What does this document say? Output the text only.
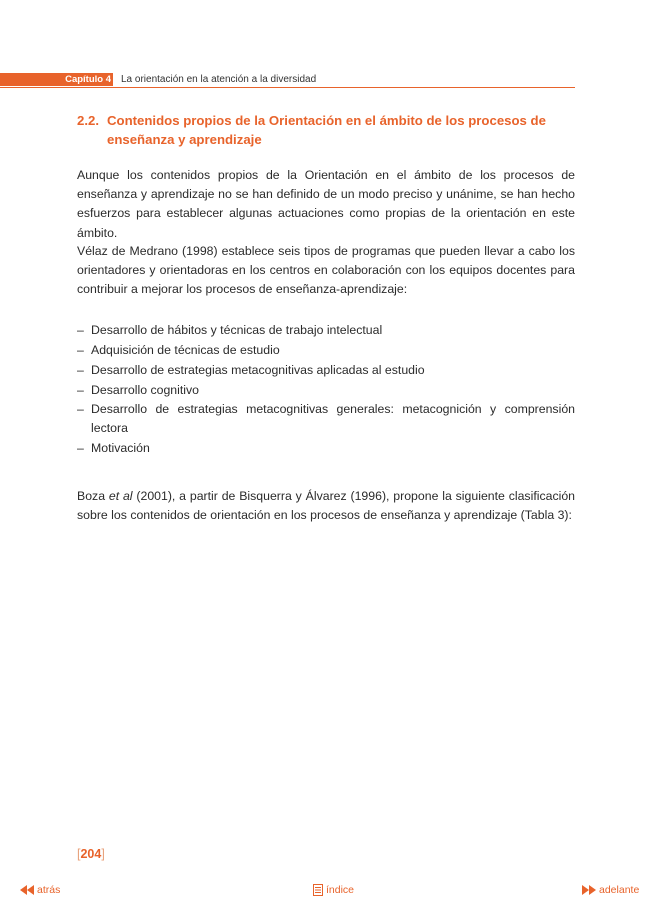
Capítulo 4 La orientación en la atención a la diversidad
2.2. Contenidos propios de la Orientación en el ámbito de los procesos de enseñanza y aprendizaje

Aunque los contenidos propios de la Orientación en el ámbito de los procesos de enseñanza y aprendizaje no se han definido de un modo preciso y unánime, se han hecho esfuerzos para establecer algunas actuaciones como propias de la orientación en este ámbito.

Vélaz de Medrano (1998) establece seis tipos de programas que pueden llevar a cabo los orientadores y orientadoras en los centros en colaboración con los equipos docentes para contribuir a mejorar los procesos de enseñanza-aprendizaje:

– Desarrollo de hábitos y técnicas de trabajo intelectual
– Adquisición de técnicas de estudio
– Desarrollo de estrategias metacognitivas aplicadas al estudio
– Desarrollo cognitivo
– Desarrollo de estrategias metacognitivas generales: metacognición y comprensión lectora
– Motivación

Boza et al (2001), a partir de Bisquerra y Álvarez (1996), propone la siguiente clasificación sobre los contenidos de orientación en los procesos de enseñanza y aprendizaje (Tabla 3):

[204]
atrás	índice	adelante
